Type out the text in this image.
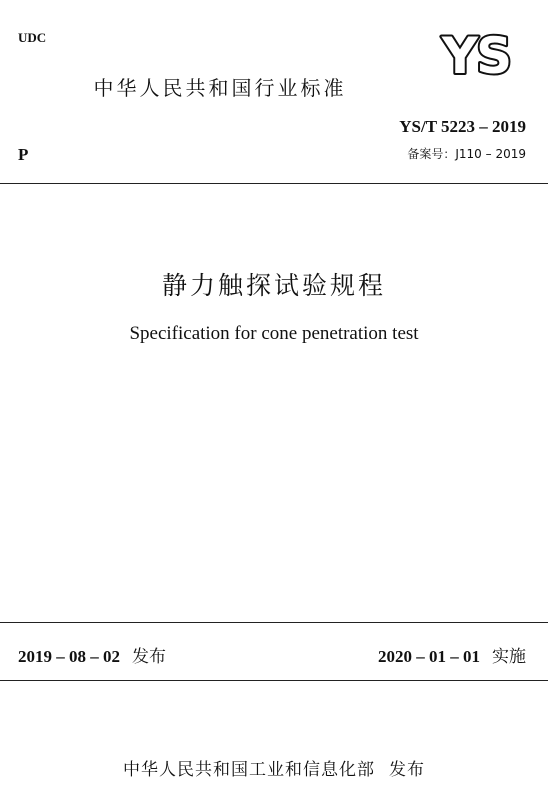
UDC
中华人民共和国行业标准
YS
YS/T 5223 – 2019
备案号：J110 – 2019
P
静力触探试验规程
Specification for cone penetration test
2019 – 08 – 02 发布	2020 – 01 – 01 实施
中华人民共和国工业和信息化部 发布
